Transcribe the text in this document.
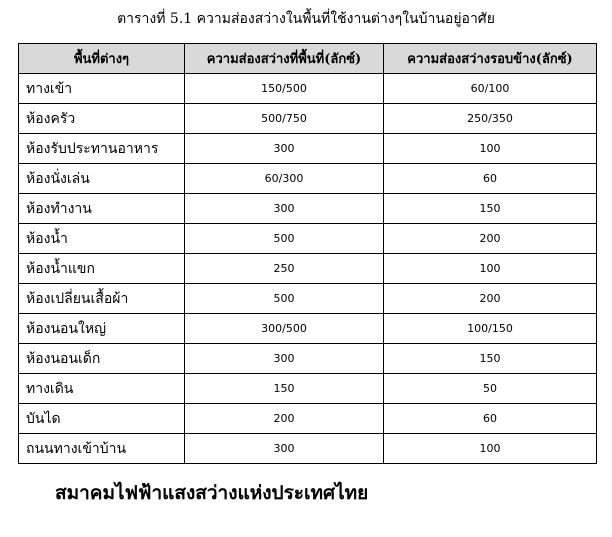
ตารางที่ 5.1 ความส่องสว่างในพื้นที่ใช้งานต่างๆในบ้านอยู่อาศัย
พื้นที่ต่างๆ	ความส่องสว่างที่พื้นที่(ลักซ์)	ความส่องสว่างรอบข้าง(ลักซ์)
ทางเข้า	150/500	60/100
ห้องครัว	500/750	250/350
ห้องรับประทานอาหาร	300	100
ห้องนั่งเล่น	60/300	60
ห้องทำงาน	300	150
ห้องน้ำ	500	200
ห้องน้ำแขก	250	100
ห้องเปลี่ยนเสื้อผ้า	500	200
ห้องนอนใหญ่	300/500	100/150
ห้องนอนเด็ก	300	150
ทางเดิน	150	50
บันได	200	60
ถนนทางเข้าบ้าน	300	100
สมาคมไฟฟ้าแสงสว่างแห่งประเทศไทย
